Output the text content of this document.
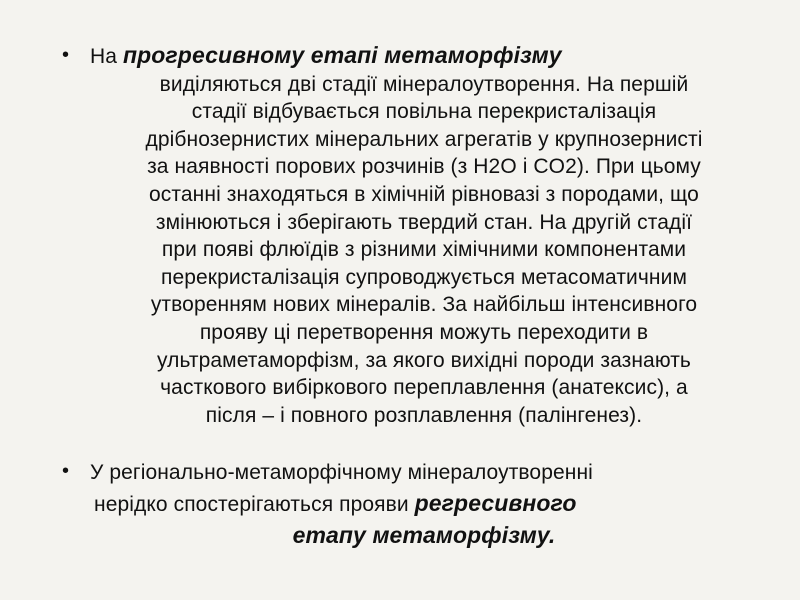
• На прогресивному етапі метаморфізму
виділяються дві стадії мінералоутворення. На першій
стадії відбувається повільна перекристалізація
дрібнозернистих мінеральних агрегатів у крупнозернисті
за наявності порових розчинів (з H2O і CO2). При цьому
останні знаходяться в хімічній рівновазі з породами, що
змінюються і зберігають твердий стан. На другій стадії
при появі флюїдів з різними хімічними компонентами
перекристалізація супроводжується метасоматичним
утворенням нових мінералів. За найбільш інтенсивного
прояву ці перетворення можуть переходити в
ультраметаморфізм, за якого вихідні породи зазнають
часткового вибіркового переплавлення (анатексис), а
після – і повного розплавлення (палінгенез).
• У регіонально-метаморфічному мінералоутворенні
нерідко спостерігаються прояви регресивного
етапу метаморфізму.
